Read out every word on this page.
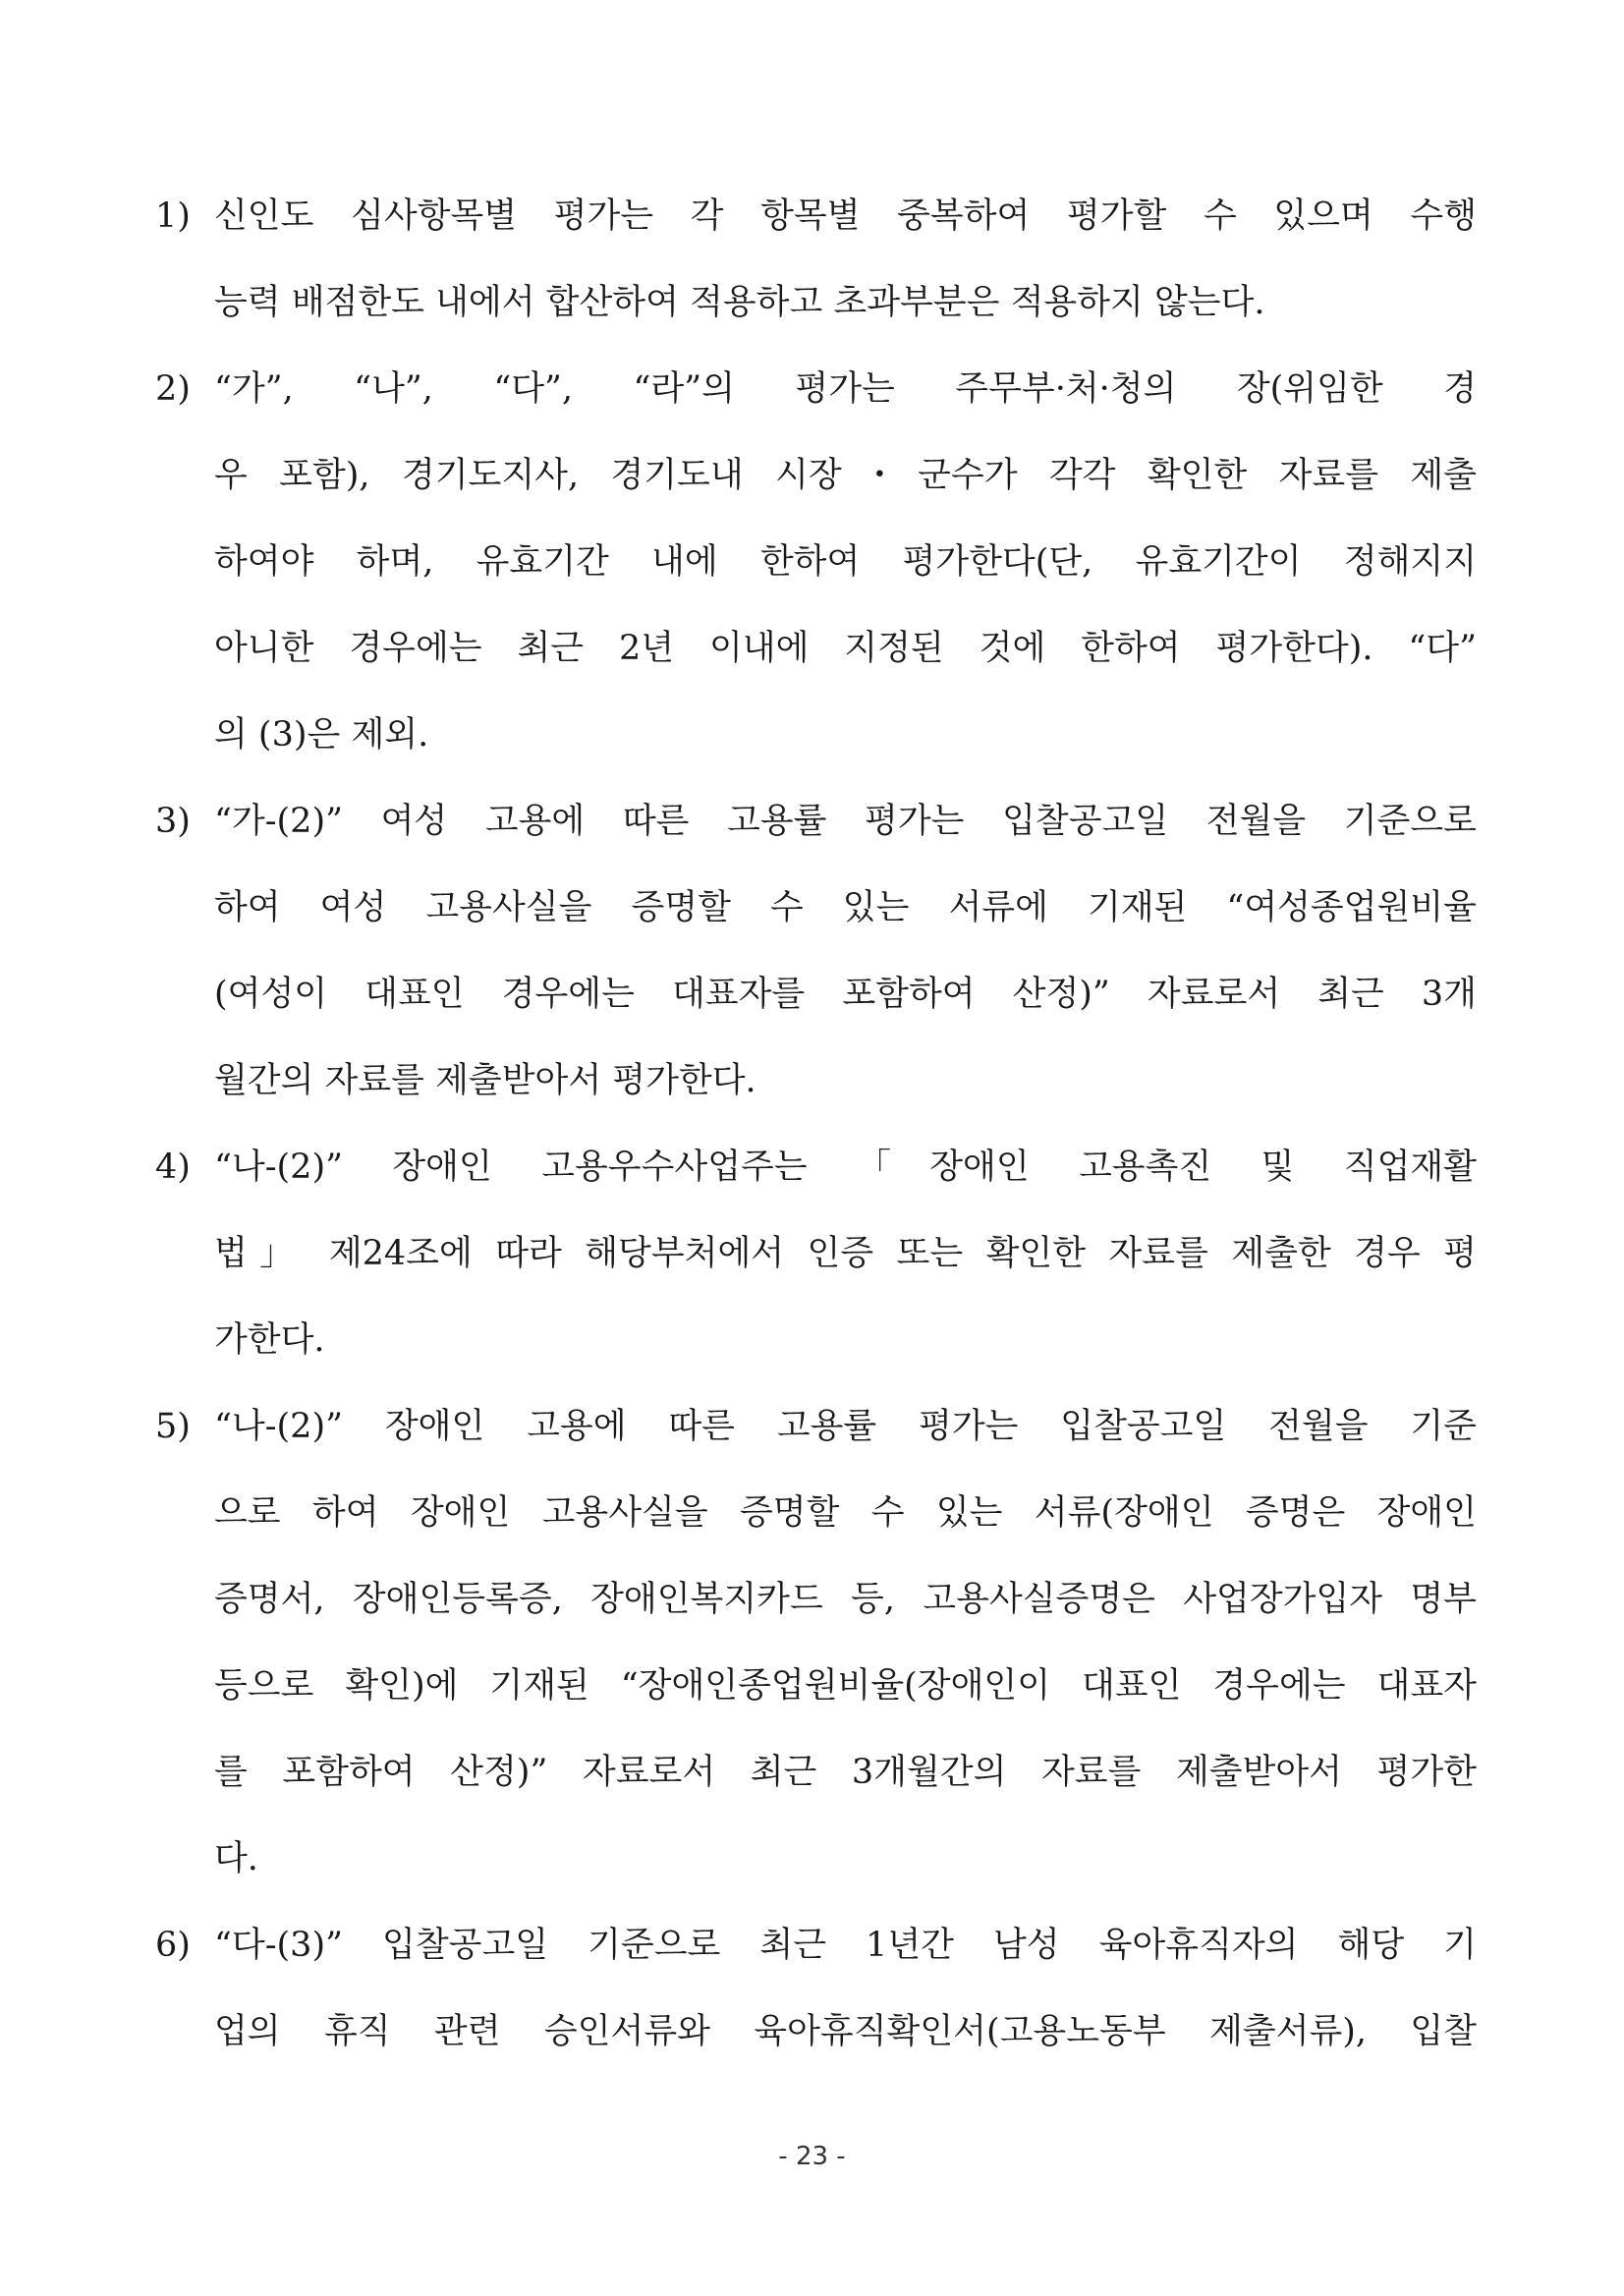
1) 신인도 심사항목별 평가는 각 항목별 중복하여 평가할 수 있으며 수행
능력 배점한도 내에서 합산하여 적용하고 초과부분은 적용하지 않는다.
2) “가”, “나”, “다”, “라”의 평가는 주무부·처·청의 장(위임한 경
우 포함), 경기도지사, 경기도내 시장・군수가 각각 확인한 자료를 제출
하여야 하며, 유효기간 내에 한하여 평가한다(단, 유효기간이 정해지지
아니한 경우에는 최근 2년 이내에 지정된 것에 한하여 평가한다). “다”
의 (3)은 제외.
3) “가-(2)” 여성 고용에 따른 고용률 평가는 입찰공고일 전월을 기준으로
하여 여성 고용사실을 증명할 수 있는 서류에 기재된 “여성종업원비율
(여성이 대표인 경우에는 대표자를 포함하여 산정)” 자료로서 최근 3개
월간의 자료를 제출받아서 평가한다.
4) “나-(2)” 장애인 고용우수사업주는 「장애인 고용촉진 및 직업재활
법」 제24조에 따라 해당부처에서 인증 또는 확인한 자료를 제출한 경우 평
가한다.
5) “나-(2)” 장애인 고용에 따른 고용률 평가는 입찰공고일 전월을 기준
으로 하여 장애인 고용사실을 증명할 수 있는 서류(장애인 증명은 장애인
증명서, 장애인등록증, 장애인복지카드 등, 고용사실증명은 사업장가입자 명부
등으로 확인)에 기재된 “장애인종업원비율(장애인이 대표인 경우에는 대표자
를 포함하여 산정)” 자료로서 최근 3개월간의 자료를 제출받아서 평가한
다.
6) “다-(3)” 입찰공고일 기준으로 최근 1년간 남성 육아휴직자의 해당 기
업의 휴직 관련 승인서류와 육아휴직확인서(고용노동부 제출서류), 입찰
- 23 -
